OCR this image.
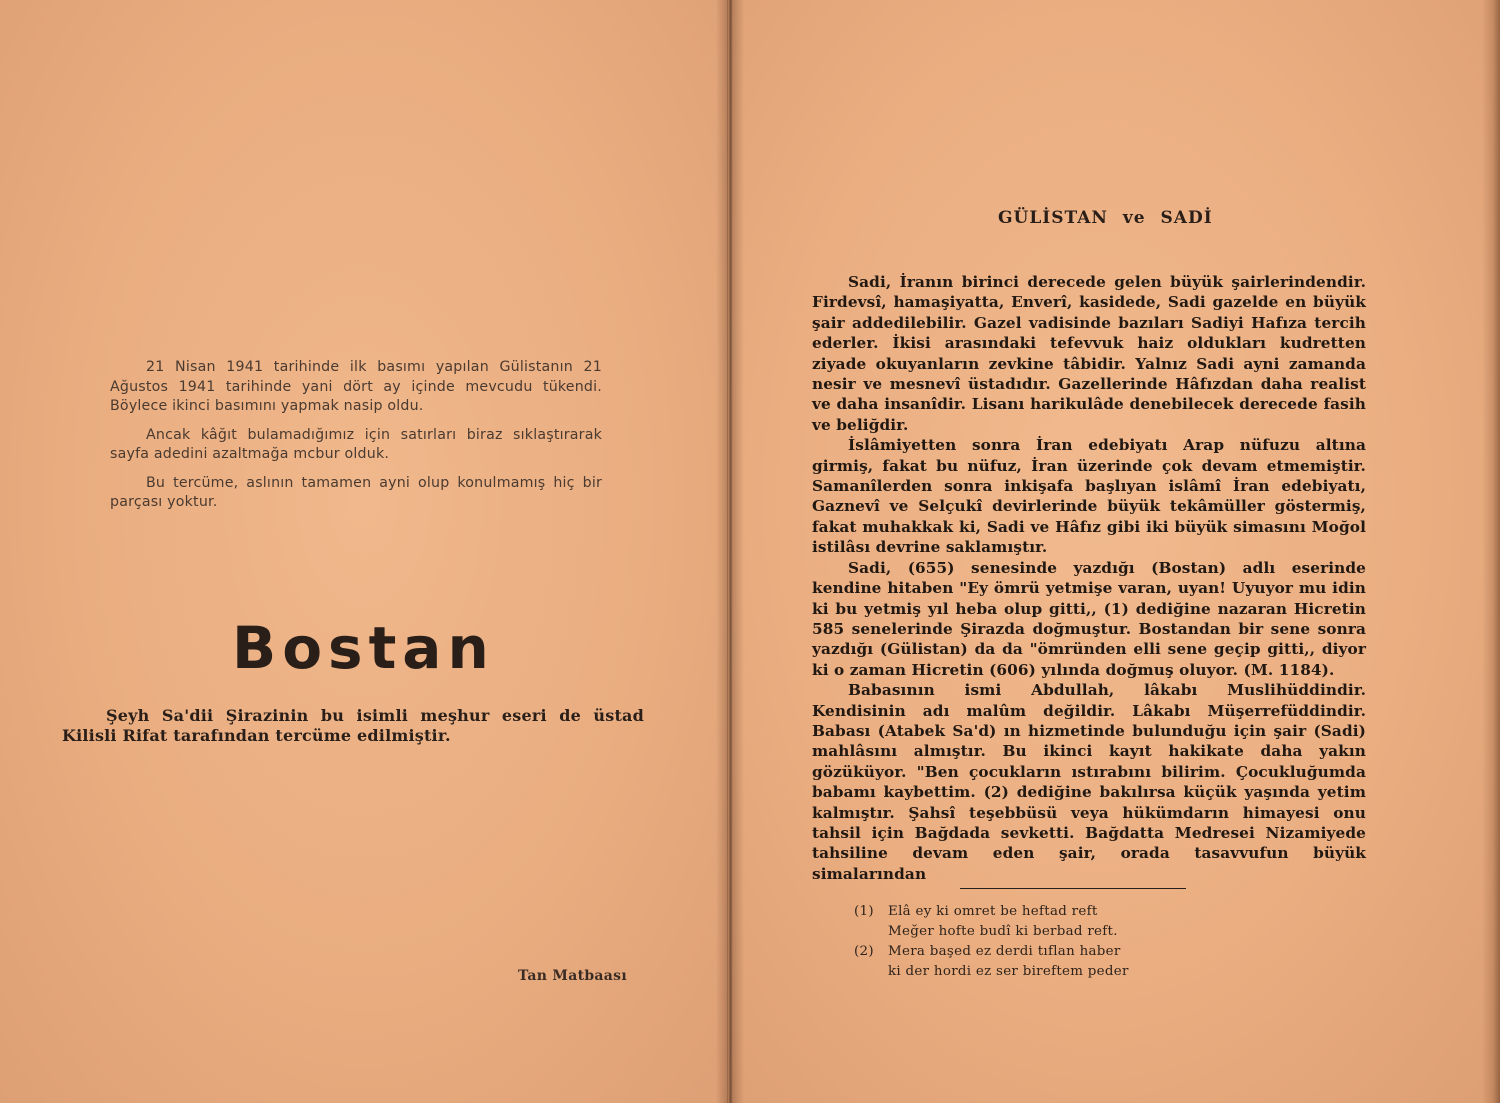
21 Nisan 1941 tarihinde ilk basımı yapılan Gülistanın 21 Ağustos 1941 tarihinde yani dört ay içinde mevcudu tükendi. Böylece ikinci basımını yapmak nasip oldu.

Ancak kâğıt bulamadığımız için satırları biraz sıklaştırarak sayfa adedini azaltmağa mcbur olduk.

Bu tercüme, aslının tamamen ayni olup konulmamış hiç bir parçası yoktur.

Bostan
Şeyh Sa'dii Şirazinin bu isimli meşhur eseri de üstad Kilisli Rifat tarafından tercüme edilmiştir.
Tan Matbaası
GÜLİSTAN ve SADİ

Sadi, İranın birinci derecede gelen büyük şairlerindendir. Firdevsî, hamaşiyatta, Enverî, kasidede, Sadi gazelde en büyük şair addedilebilir. Gazel vadisinde bazıları Sadiyi Hafıza tercih ederler. İkisi arasındaki tefevvuk haiz oldukları kudretten ziyade okuyanların zevkine tâbidir. Yalnız Sadi ayni zamanda nesir ve mesnevî üstadıdır. Gazellerinde Hâfızdan daha realist ve daha insanîdir. Lisanı harikulâde denebilecek derecede fasih ve beliğdir.

İslâmiyetten sonra İran edebiyatı Arap nüfuzu altına girmiş, fakat bu nüfuz, İran üzerinde çok devam etmemiştir. Samanîlerden sonra inkişafa başlıyan islâmî İran edebiyatı, Gaznevî ve Selçukî devirlerinde büyük tekâmüller göstermiş, fakat muhakkak ki, Sadi ve Hâfız gibi iki büyük simasını Moğol istilâsı devrine saklamıştır.

Sadi, (655) senesinde yazdığı (Bostan) adlı eserinde kendine hitaben "Ey ömrü yetmişe varan, uyan! Uyuyor mu idin ki bu yetmiş yıl heba olup gitti,, (1) dediğine nazaran Hicretin 585 senelerinde Şirazda doğmuştur. Bostandan bir sene sonra yazdığı (Gülistan) da da "ömründen elli sene geçip gitti,, diyor ki o zaman Hicretin (606) yılında doğmuş oluyor. (M. 1184).

Babasının ismi Abdullah, lâkabı Muslihüddindir. Kendisinin adı malûm değildir. Lâkabı Müşerrefüddindir. Babası (Atabek Sa'd) ın hizmetinde bulunduğu için şair (Sadi) mahlâsını almıştır. Bu ikinci kayıt hakikate daha yakın gözüküyor. "Ben çocukların ıstırabını bilirim. Çocukluğumda babamı kaybettim. (2) dediğine bakılırsa küçük yaşında yetim kalmıştır. Şahsî teşebbüsü veya hükümdarın himayesi onu tahsil için Bağdada sevketti. Bağdatta Medresei Nizamiyede tahsiline devam eden şair, orada tasavvufun büyük simalarından

(1)	Elâ ey ki omret be heftad reft
Meğer hofte budî ki berbad reft.
(2)	Mera başed ez derdi tıflan haber
ki der hordi ez ser bireftem peder
